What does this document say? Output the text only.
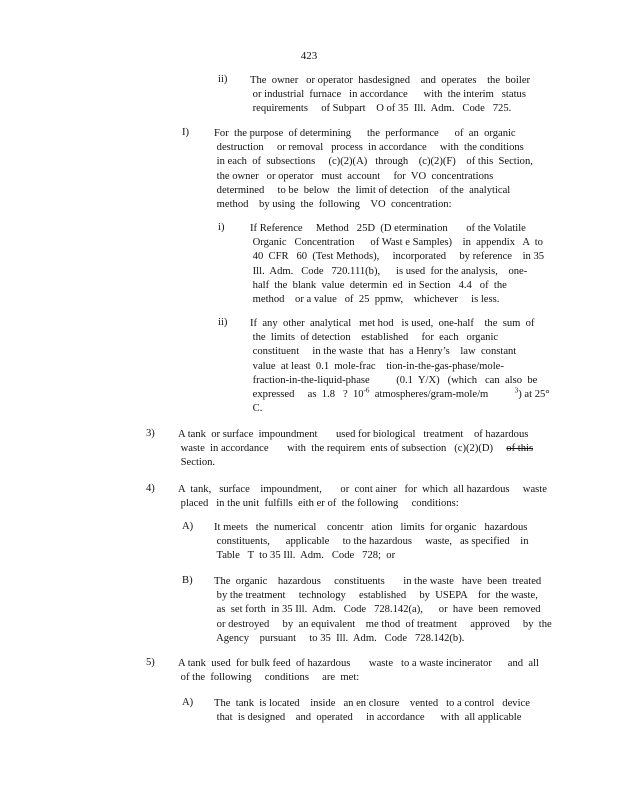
423
ii) The  owner   or operator  hasdesigned    and  operates    the  boiler
or industrial  furnace   in accordance      with  the interim   status
requirements     of Subpart    O of 35  Ill.  Adm.   Code   725.
I) For  the purpose  of determining      the  performance      of  an  organic
destruction     or removal   process  in accordance     with  the conditions
in each  of  subsections     (c)(2)(A)   through    (c)(2)(F)    of this  Section,
the owner   or operator   must  account     for  VO  concentrations
determined     to be  below   the  limit of detection    of the  analytical
method    by using  the  following    VO  concentration:
i) If Reference     Method   25D  (D etermination       of the Volatile
Organic   Concentration      of Wast e Samples)    in  appendix   A  to
40  CFR   60  (Test Methods),     incorporated     by reference    in 35
Ill.  Adm.   Code   720.111(b),      is used  for the analysis,    one-
half  the  blank  value  determin  ed  in Section   4.4   of  the
method    or a value   of  25  ppmw,    whichever     is less.
ii) If  any  other  analytical   met hod   is used,  one-half    the  sum  of
the  limits  of detection    established     for  each   organic
constituent     in the waste  that  has  a Henry’s    law  constant
value  at least  0.1  mole-frac    tion-in-the-gas-phase/mole-
fraction-in-the-liquid-phase          (0.1  Y/X)   (which   can  also  be
expressed     as  1.8   ?  $10^{-6}$  atmospheres/gram-mole/m	$^3$) at 25°
C.
3) A tank  or surface  impoundment       used for biological   treatment    of hazardous
waste  in accordance       with  the requirem  ents of subsection   (c)(2)(D)     of this
Section.
4) A  tank,   surface    impoundment,       or  cont ainer   for  which  all hazardous     waste
placed   in the unit  fulfills  eith er of  the following     conditions:
A) It meets   the  numerical    concentr   ation   limits  for organic   hazardous
constituents,      applicable     to the hazardous     waste,   as specified    in
Table   T  to 35 Ill.  Adm.   Code   728;  or
B) The  organic    hazardous     constituents       in the waste   have  been  treated
by the treatment     technology     established     by  USEPA    for  the waste,
as  set forth  in 35 Ill.  Adm.   Code   728.142(a),      or  have  been  removed
or destroyed     by  an equivalent    me thod  of treatment     approved     by  the
Agency    pursuant     to 35  Ill.  Adm.   Code   728.142(b).
5) A tank  used  for bulk feed  of hazardous       waste   to a waste incinerator      and  all
of the  following     conditions     are  met:
A) The  tank  is located    inside   an en closure    vented   to a control   device
that  is designed    and  operated     in accordance      with  all applicable
